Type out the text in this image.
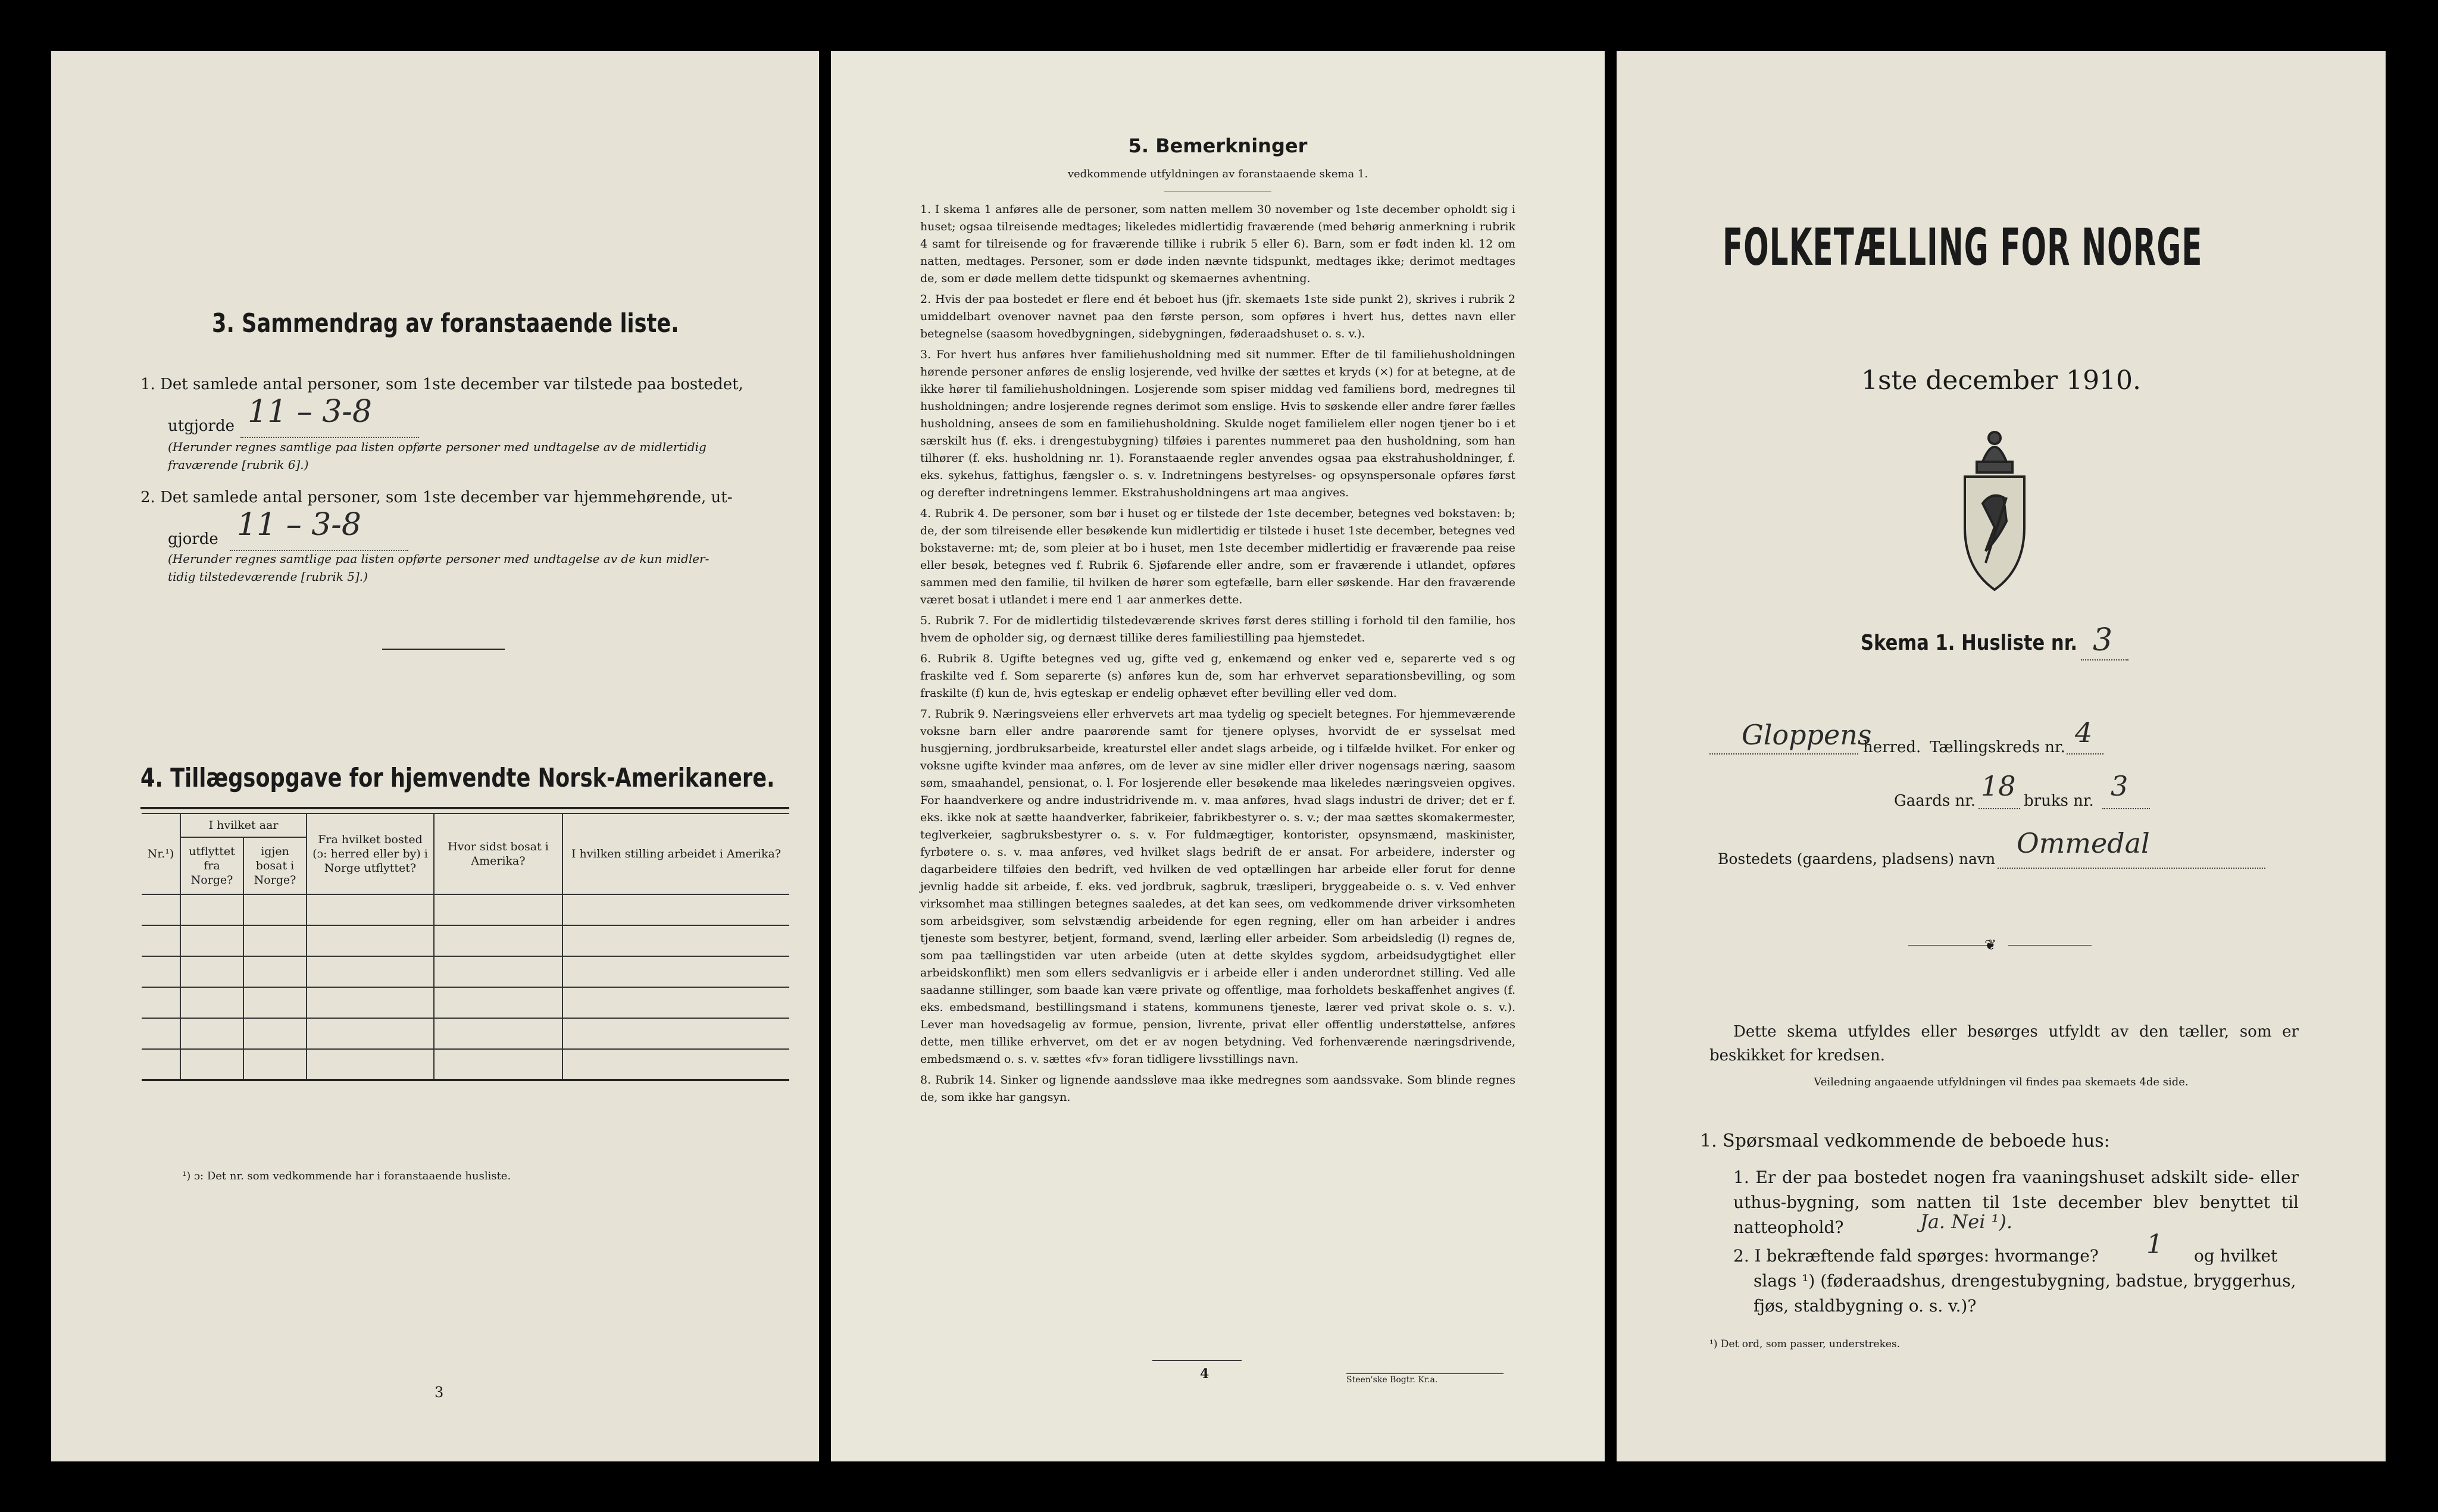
3. Sammendrag av foranstaaende liste.
1. Det samlede antal personer, som 1ste december var tilstede paa bostedet,
utgjorde 11 – 3-8
(Herunder regnes samtlige paa listen opførte personer med undtagelse av de midlertidig
fraværende [rubrik 6].)
2. Det samlede antal personer, som 1ste december var hjemmehørende, ut-
gjorde 11 – 3-8
(Herunder regnes samtlige paa listen opførte personer med undtagelse av de kun midler-
tidig tilstedeværende [rubrik 5].)
4. Tillægsopgave for hjemvendte Norsk-Amerikanere.
Nr.¹)	I hvilket aar		Fra hvilket bosted (ɔ: herred eller by) i Norge utflyttet?	Hvor sidst bosat i Amerika?	I hvilken stilling arbeidet i Amerika?
	utflyttet fra Norge?	igjen bosat i Norge?			

¹) ɔ: Det nr. som vedkommende har i foranstaaende husliste.
3
5. Bemerkninger
vedkommende utfyldningen av foranstaaende skema 1.

1. I skema 1 anføres alle de personer, som natten mellem 30 november og 1ste december opholdt sig i huset; ogsaa tilreisende medtages; likeledes midlertidig fraværende (med behørig anmerkning i rubrik 4 samt for tilreisende og for fraværende tillike i rubrik 5 eller 6). Barn, som er født inden kl. 12 om natten, medtages. Personer, som er døde inden nævnte tidspunkt, medtages ikke; derimot medtages de, som er døde mellem dette tidspunkt og skemaernes avhentning.

2. Hvis der paa bostedet er flere end ét beboet hus (jfr. skemaets 1ste side punkt 2), skrives i rubrik 2 umiddelbart ovenover navnet paa den første person, som opføres i hvert hus, dettes navn eller betegnelse (saasom hovedbygningen, sidebygningen, føderaadshuset o. s. v.).

3. For hvert hus anføres hver familiehusholdning med sit nummer. Efter de til familiehusholdningen hørende personer anføres de enslig losjerende, ved hvilke der sættes et kryds (×) for at betegne, at de ikke hører til familiehusholdningen. Losjerende som spiser middag ved familiens bord, medregnes til husholdningen; andre losjerende regnes derimot som enslige. Hvis to søskende eller andre fører fælles husholdning, ansees de som en familiehusholdning. Skulde noget familielem eller nogen tjener bo i et særskilt hus (f. eks. i drengestubygning) tilføies i parentes nummeret paa den husholdning, som han tilhører (f. eks. husholdning nr. 1). Foranstaaende regler anvendes ogsaa paa ekstrahusholdninger, f. eks. sykehus, fattighus, fængsler o. s. v. Indretningens bestyrelses- og opsynspersonale opføres først og derefter indretningens lemmer. Ekstrahusholdningens art maa angives.

4. Rubrik 4. De personer, som bør i huset og er tilstede der 1ste december, betegnes ved bokstaven: b; de, der som tilreisende eller besøkende kun midlertidig er tilstede i huset 1ste december, betegnes ved bokstaverne: mt; de, som pleier at bo i huset, men 1ste december midlertidig er fraværende paa reise eller besøk, betegnes ved f. Rubrik 6. Sjøfarende eller andre, som er fraværende i utlandet, opføres sammen med den familie, til hvilken de hører som egtefælle, barn eller søskende. Har den fraværende været bosat i utlandet i mere end 1 aar anmerkes dette.

5. Rubrik 7. For de midlertidig tilstedeværende skrives først deres stilling i forhold til den familie, hos hvem de opholder sig, og dernæst tillike deres familiestilling paa hjemstedet.

6. Rubrik 8. Ugifte betegnes ved ug, gifte ved g, enkemænd og enker ved e, separerte ved s og fraskilte ved f. Som separerte (s) anføres kun de, som har erhvervet separationsbevilling, og som fraskilte (f) kun de, hvis egteskap er endelig ophævet efter bevilling eller ved dom.

7. Rubrik 9. Næringsveiens eller erhvervets art maa tydelig og specielt betegnes. For hjemmeværende voksne barn eller andre paarørende samt for tjenere oplyses, hvorvidt de er sysselsat med husgjerning, jordbruksarbeide, kreaturstel eller andet slags arbeide, og i tilfælde hvilket. For enker og voksne ugifte kvinder maa anføres, om de lever av sine midler eller driver nogensags næring, saasom søm, smaahandel, pensionat, o. l. For losjerende eller besøkende maa likeledes næringsveien opgives. For haandverkere og andre industridrivende m. v. maa anføres, hvad slags industri de driver; det er f. eks. ikke nok at sætte haandverker, fabrikeier, fabrikbestyrer o. s. v.; der maa sættes skomakermester, teglverkeier, sagbruksbestyrer o. s. v. For fuldmægtiger, kontorister, opsynsmænd, maskinister, fyrbøtere o. s. v. maa anføres, ved hvilket slags bedrift de er ansat. For arbeidere, inderster og dagarbeidere tilføies den bedrift, ved hvilken de ved optællingen har arbeide eller forut for denne jevnlig hadde sit arbeide, f. eks. ved jordbruk, sagbruk, træsliperi, bryggeabeide o. s. v. Ved enhver virksomhet maa stillingen betegnes saaledes, at det kan sees, om vedkommende driver virksomheten som arbeidsgiver, som selvstændig arbeidende for egen regning, eller om han arbeider i andres tjeneste som bestyrer, betjent, formand, svend, lærling eller arbeider. Som arbeidsledig (l) regnes de, som paa tællingstiden var uten arbeide (uten at dette skyldes sygdom, arbeidsudygtighet eller arbeidskonflikt) men som ellers sedvanligvis er i arbeide eller i anden underordnet stilling. Ved alle saadanne stillinger, som baade kan være private og offentlige, maa forholdets beskaffenhet angives (f. eks. embedsmand, bestillingsmand i statens, kommunens tjeneste, lærer ved privat skole o. s. v.). Lever man hovedsagelig av formue, pension, livrente, privat eller offentlig understøttelse, anføres dette, men tillike erhvervet, om det er av nogen betydning. Ved forhenværende næringsdrivende, embedsmænd o. s. v. sættes «fv» foran tidligere livsstillings navn.

8. Rubrik 14. Sinker og lignende aandssløve maa ikke medregnes som aandssvake. Som blinde regnes de, som ikke har gangsyn.

4	Steen'ske Bogtr. Kr.a.
FOLKETÆLLING FOR NORGE
1ste december 1910.
Skema 1. Husliste nr. 3
Gloppens
herred. Tællingskreds nr. 4
Gaards nr. 18 bruks nr. 3
Bostedets (gaardens, pladsens) navn Ommedal
❦
Dette skema utfyldes eller besørges utfyldt av den tæller, som er beskikket for kredsen.
Veiledning angaaende utfyldningen vil findes paa skemaets 4de side.
1. Spørsmaal vedkommende de beboede hus:
1. Er der paa bostedet nogen fra vaaningshuset adskilt side- eller uthus-bygning, som natten til 1ste december blev benyttet til natteophold?	Ja. Nei ¹).
2. I bekræftende fald spørges: hvormange? 1	og hvilket slags ¹) (føderaadshus, drengestubygning, badstue, bryggerhus, fjøs, staldbygning o. s. v.)?
¹) Det ord, som passer, understrekes.
